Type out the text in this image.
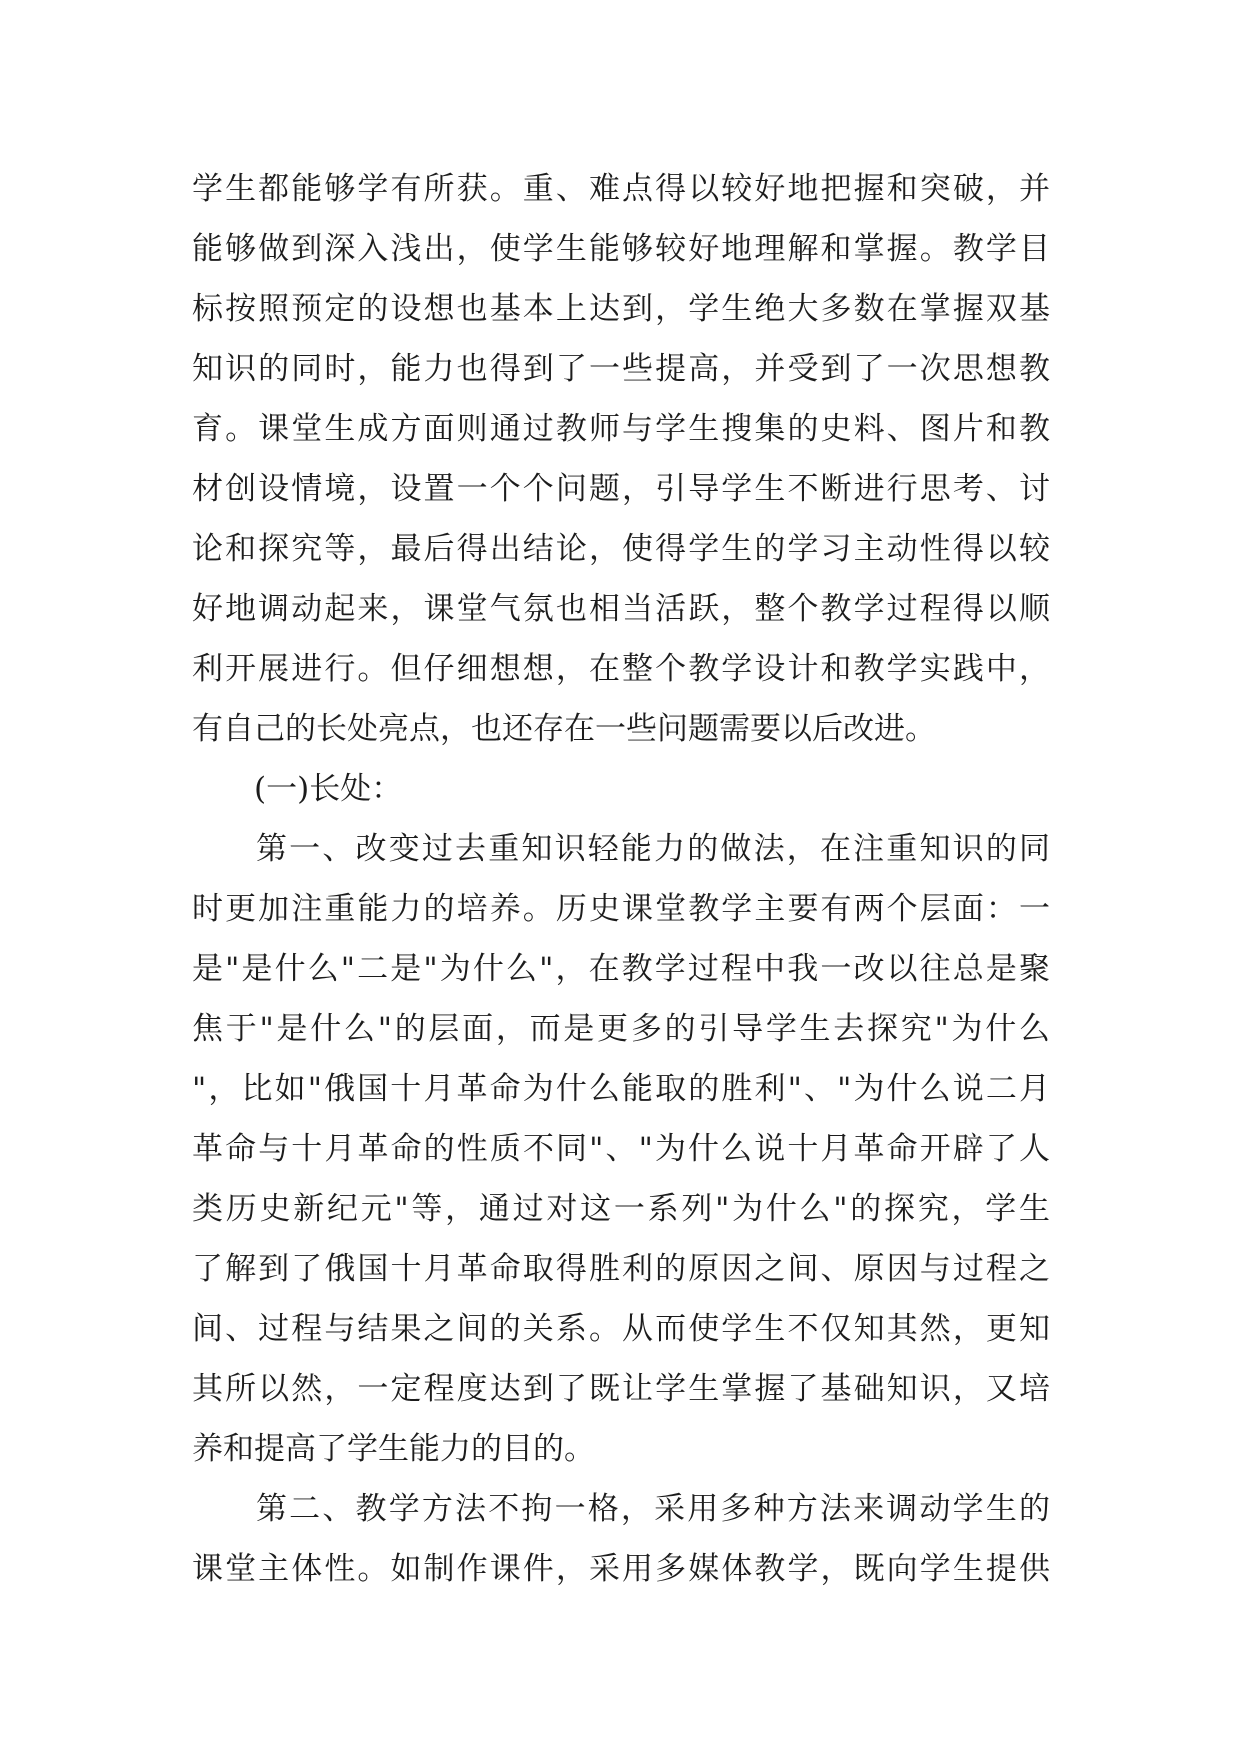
学生都能够学有所获。重、难点得以较好地把握和突破，并
能够做到深入浅出，使学生能够较好地理解和掌握。教学目
标按照预定的设想也基本上达到，学生绝大多数在掌握双基
知识的同时，能力也得到了一些提高，并受到了一次思想教
育。课堂生成方面则通过教师与学生搜集的史料、图片和教
材创设情境，设置一个个问题，引导学生不断进行思考、讨
论和探究等，最后得出结论，使得学生的学习主动性得以较
好地调动起来，课堂气氛也相当活跃，整个教学过程得以顺
利开展进行。但仔细想想，在整个教学设计和教学实践中，
有自己的长处亮点，也还存在一些问题需要以后改进。
(一)长处：
第一、改变过去重知识轻能力的做法，在注重知识的同
时更加注重能力的培养。历史课堂教学主要有两个层面：一
是"是什么"二是"为什么"，在教学过程中我一改以往总是聚
焦于"是什么"的层面，而是更多的引导学生去探究"为什么
"，比如"俄国十月革命为什么能取的胜利"、"为什么说二月
革命与十月革命的性质不同"、"为什么说十月革命开辟了人
类历史新纪元"等，通过对这一系列"为什么"的探究，学生
了解到了俄国十月革命取得胜利的原因之间、原因与过程之
间、过程与结果之间的关系。从而使学生不仅知其然，更知
其所以然，一定程度达到了既让学生掌握了基础知识，又培
养和提高了学生能力的目的。
第二、教学方法不拘一格，采用多种方法来调动学生的
课堂主体性。如制作课件，采用多媒体教学，既向学生提供
